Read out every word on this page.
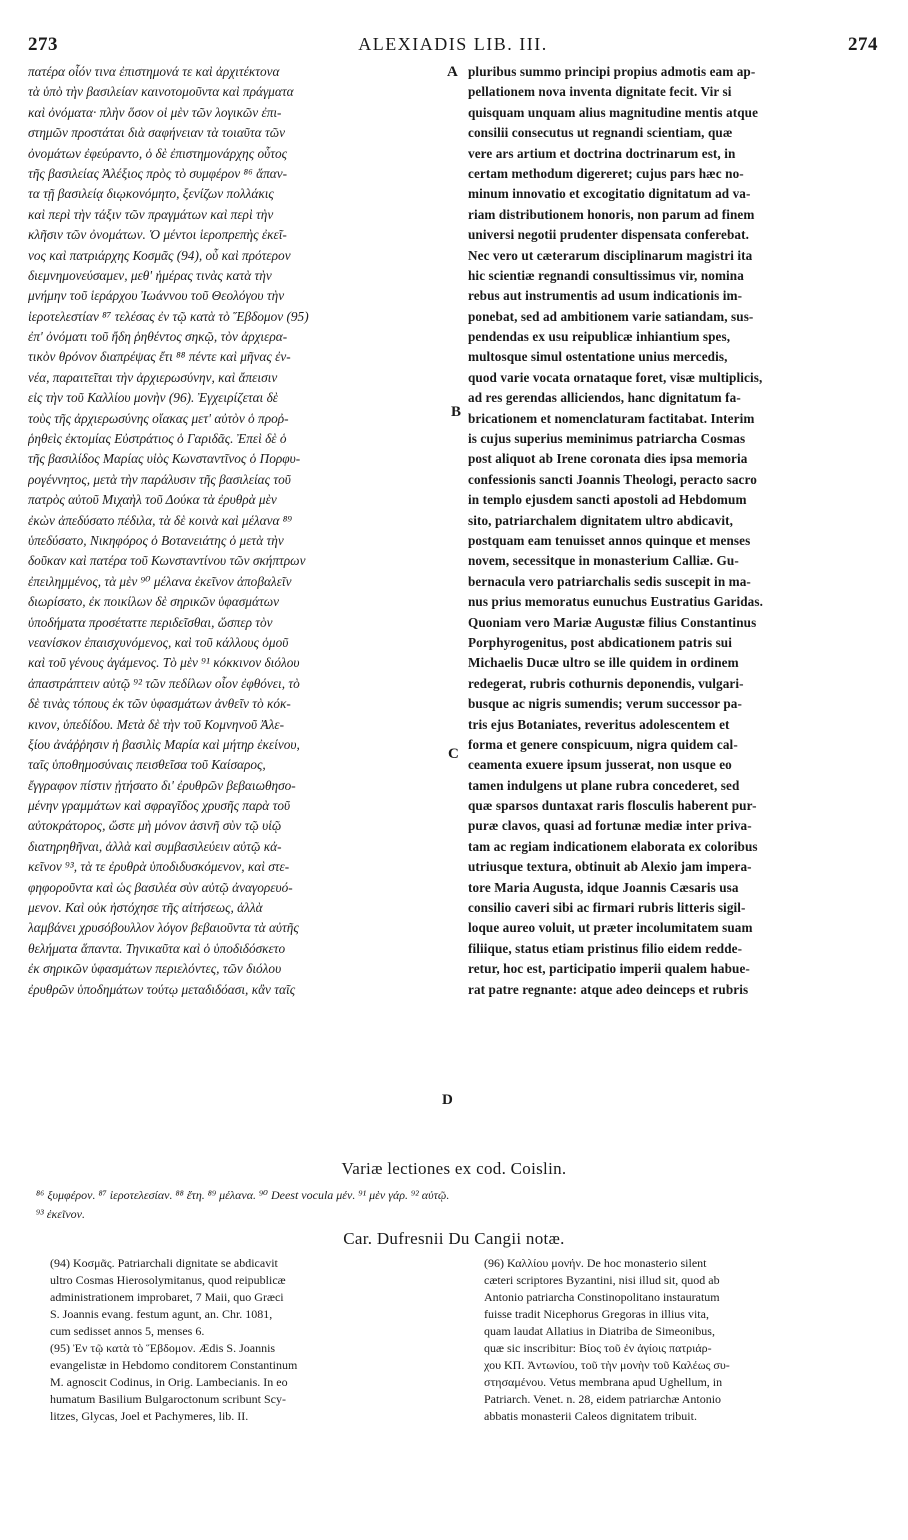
273	ALEXIADIS LIB. III.	274
πατέρα οἷόν τινα ἐπιστημονά τε καὶ ἀρχιτέκτονα
τὰ ὑπὸ τὴν βασιλείαν καινοτομοῦντα καὶ πράγματα
καὶ ὀνόματα· πλὴν ὅσον οἱ μὲν τῶν λογικῶν ἐπι-
στημῶν προστάται διὰ σαφήνειαν τὰ τοιαῦτα τῶν
ὀνομάτων ἐφεύραντο, ὁ δὲ ἐπιστημονάρχης οὗτος
τῆς βασιλείας Ἀλέξιος πρὸς τὸ συμφέρον ⁸⁶ ἅπαν-
τα τῇ βασιλείᾳ διῳκονόμητο, ξενίζων πολλάκις
καὶ περὶ τὴν τάξιν τῶν πραγμάτων καὶ περὶ τὴν
κλῆσιν τῶν ὀνομάτων. Ὁ μέντοι ἱεροπρεπὴς ἐκεῖ-
νος καὶ πατριάρχης Κοσμᾶς (94), οὗ καὶ πρότερον
διεμνημονεύσαμεν, μεθ' ἡμέρας τινὰς κατὰ τὴν
μνήμην τοῦ ἱεράρχου Ἰωάννου τοῦ Θεολόγου τὴν
ἱεροτελεστίαν ⁸⁷ τελέσας ἐν τῷ κατὰ τὸ Ἕβδομον (95)
ἐπ' ὀνόματι τοῦ ἤδη ῥηθέντος σηκῷ, τὸν ἀρχιερα-
τικὸν θρόνον διαπρέψας ἔτι ⁸⁸ πέντε καὶ μῆνας ἐν-
νέα, παραιτεῖται τὴν ἀρχιερωσύνην, καὶ ἄπεισιν
εἰς τὴν τοῦ Καλλίου μονὴν (96). Ἐγχειρίζεται δὲ
τοὺς τῆς ἀρχιερωσύνης οἴακας μετ' αὐτὸν ὁ προῤ-
ῥηθεὶς ἐκτομίας Εὐστράτιος ὁ Γαριδᾶς. Ἐπεὶ δὲ ὁ
τῆς βασιλίδος Μαρίας υἱὸς Κωνσταντῖνος ὁ Πορφυ-
ρογέννητος, μετὰ τὴν παράλυσιν τῆς βασιλείας τοῦ
πατρὸς αὐτοῦ Μιχαὴλ τοῦ Δούκα τὰ ἐρυθρὰ μὲν
ἐκὼν ἀπεδύσατο πέδιλα, τὰ δὲ κοινὰ καὶ μέλανα ⁸⁹
ὑπεδύσατο, Νικηφόρος ὁ Βοτανειάτης ὁ μετὰ τὴν
δοῦκαν καὶ πατέρα τοῦ Κωνσταντίνου τῶν σκήπτρων
ἐπειλημμένος, τὰ μὲν ⁹⁰ μέλανα ἐκεῖνον ἀποβαλεῖν
διωρίσατο, ἐκ ποικίλων δὲ σηρικῶν ὑφασμάτων
ὑποδήματα προσέταττε περιδεῖσθαι, ὥσπερ τὸν
νεανίσκον ἐπαισχυνόμενος, καὶ τοῦ κάλλους ὁμοῦ
καὶ τοῦ γένους ἀγάμενος. Τὸ μὲν ⁹¹ κόκκινον διόλου
ἀπαστράπτειν αὐτῷ ⁹² τῶν πεδίλων οἷον ἐφθόνει, τὸ
δὲ τινὰς τόπους ἐκ τῶν ὑφασμάτων ἀνθεῖν τὸ κόκ-
κινον, ὑπεδίδου. Μετὰ δὲ τὴν τοῦ Κομνηνοῦ Ἀλε-
ξίου ἀνάῤῥησιν ἡ βασιλὶς Μαρία καὶ μήτηρ ἐκείνου,
ταῖς ὑποθημοσύναις πεισθεῖσα τοῦ Καίσαρος,
ἔγγραφον πίστιν ᾐτήσατο δι' ἐρυθρῶν βεβαιωθησο-
μένην γραμμάτων καὶ σφραγῖδος χρυσῆς παρὰ τοῦ
αὐτοκράτορος, ὥστε μὴ μόνον ἀσινῆ σὺν τῷ υἱῷ
διατηρηθῆναι, ἀλλὰ καὶ συμβασιλεύειν αὐτῷ κἀ-
κεῖνον ⁹³, τὰ τε ἐρυθρὰ ὑποδιδυσκόμενον, καὶ στε-
φηφοροῦντα καὶ ὡς βασιλέα σὺν αὐτῷ ἀναγορευό-
μενον. Καὶ οὐκ ἠστόχησε τῆς αἰτήσεως, ἀλλὰ
λαμβάνει χρυσόβουλλον λόγον βεβαιοῦντα τὰ αὐτῆς
θελήματα ἅπαντα. Τηνικαῦτα καὶ ὁ ὑποδιδόσκετο
ἐκ σηρικῶν ὑφασμάτων περιελόντες, τῶν διόλου
ἐρυθρῶν ὑποδημάτων τούτῳ μεταδιδόασι, κἂν ταῖς
pluribus summo principi propius admotis eam ap-
pellationem nova inventa dignitate fecit. Vir si
quisquam unquam alius magnitudine mentis atque
consilii consecutus ut regnandi scientiam, quæ
vere ars artium et doctrina doctrinarum est, in
certam methodum digereret; cujus pars hæc no-
minum innovatio et excogitatio dignitatum ad va-
riam distributionem honoris, non parum ad finem
universi negotii prudenter dispensata conferebat.
Nec vero ut cæterarum disciplinarum magistri ita
hic scientiæ regnandi consultissimus vir, nomina
rebus aut instrumentis ad usum indicationis im-
ponebat, sed ad ambitionem varie satiandam, sus-
pendendas ex usu reipublicæ inhiantium spes,
multosque simul ostentatione unius mercedis,
quod varie vocata ornataque foret, visæ multiplicis,
ad res gerendas alliciendos, hanc dignitatum fa-
bricationem et nomenclaturam factitabat. Interim
is cujus superius meminimus patriarcha Cosmas
post aliquot ab Irene coronata dies ipsa memoria
confessionis sancti Joannis Theologi, peracto sacro
in templo ejusdem sancti apostoli ad Hebdomum
sito, patriarchalem dignitatem ultro abdicavit,
postquam eam tenuisset annos quinque et menses
novem, secessitque in monasterium Calliæ. Gu-
bernacula vero patriarchalis sedis suscepit in ma-
nus prius memoratus eunuchus Eustratius Garidas.
Quoniam vero Mariæ Augustæ filius Constantinus
Porphyrogenitus, post abdicationem patris sui
Michaelis Ducæ ultro se ille quidem in ordinem
redegerat, rubris cothurnis deponendis, vulgari-
busque ac nigris sumendis; verum successor pa-
tris ejus Botaniates, reveritus adolescentem et
forma et genere conspicuum, nigra quidem cal-
ceamenta exuere ipsum jusserat, non usque eo
tamen indulgens ut plane rubra concederet, sed
quæ sparsos duntaxat raris flosculis haberent pur-
puræ clavos, quasi ad fortunæ mediæ inter priva-
tam ac regiam indicationem elaborata ex coloribus
utriusque textura, obtinuit ab Alexio jam impera-
tore Maria Augusta, idque Joannis Cæsaris usa
consilio caveri sibi ac firmari rubris litteris sigil-
loque aureo voluit, ut præter incolumitatem suam
filiique, status etiam pristinus filio eidem redde-
retur, hoc est, participatio imperii qualem habue-
rat patre regnante: atque adeo deinceps et rubris
A
B
C
D
Variæ lectiones ex cod. Coislin.
⁸⁶ ξυμφέρον. ⁸⁷ ἱεροτελεσίαν. ⁸⁸ ἔτη. ⁸⁹ μέλανα. ⁹⁰ Deest vocula μέν. ⁹¹ μὲν γάρ. ⁹² αὐτῷ.
⁹³ ἐκεῖνον.
Car. Dufresnii Du Cangii notæ.
(94) Κοσμᾶς. Patriarchali dignitate se abdicavit
ultro Cosmas Hierosolymitanus, quod reipublicæ
administrationem improbaret, 7 Maii, quo Græci
S. Joannis evang. festum agunt, an. Chr. 1081,
cum sedisset annos 5, menses 6.
(95) Ἐν τῷ κατὰ τὸ Ἕβδομον. Ædis S. Joannis
evangelistæ in Hebdomo conditorem Constantinum
M. agnoscit Codinus, in Orig. Lambecianis. In eo
humatum Basilium Bulgaroctonum scribunt Scy-
litzes, Glycas, Joel et Pachymeres, lib. II.
(96) Καλλίου μονήν. De hoc monasterio silent
cæteri scriptores Byzantini, nisi illud sit, quod ab
Antonio patriarcha Constinopolitano instauratum
fuisse tradit Nicephorus Gregoras in illius vita,
quam laudat Allatius in Diatriba de Simeonibus,
quæ sic inscribitur: Βίος τοῦ ἐν ἁγίοις πατριάρ-
χου ΚΠ. Ἀντωνίου, τοῦ τὴν μονὴν τοῦ Καλέως συ-
στησαμένου. Vetus membrana apud Ughellum, in
Patriarch. Venet. n. 28, eidem patriarchæ Antonio
abbatis monasterii Caleos dignitatem tribuit.
